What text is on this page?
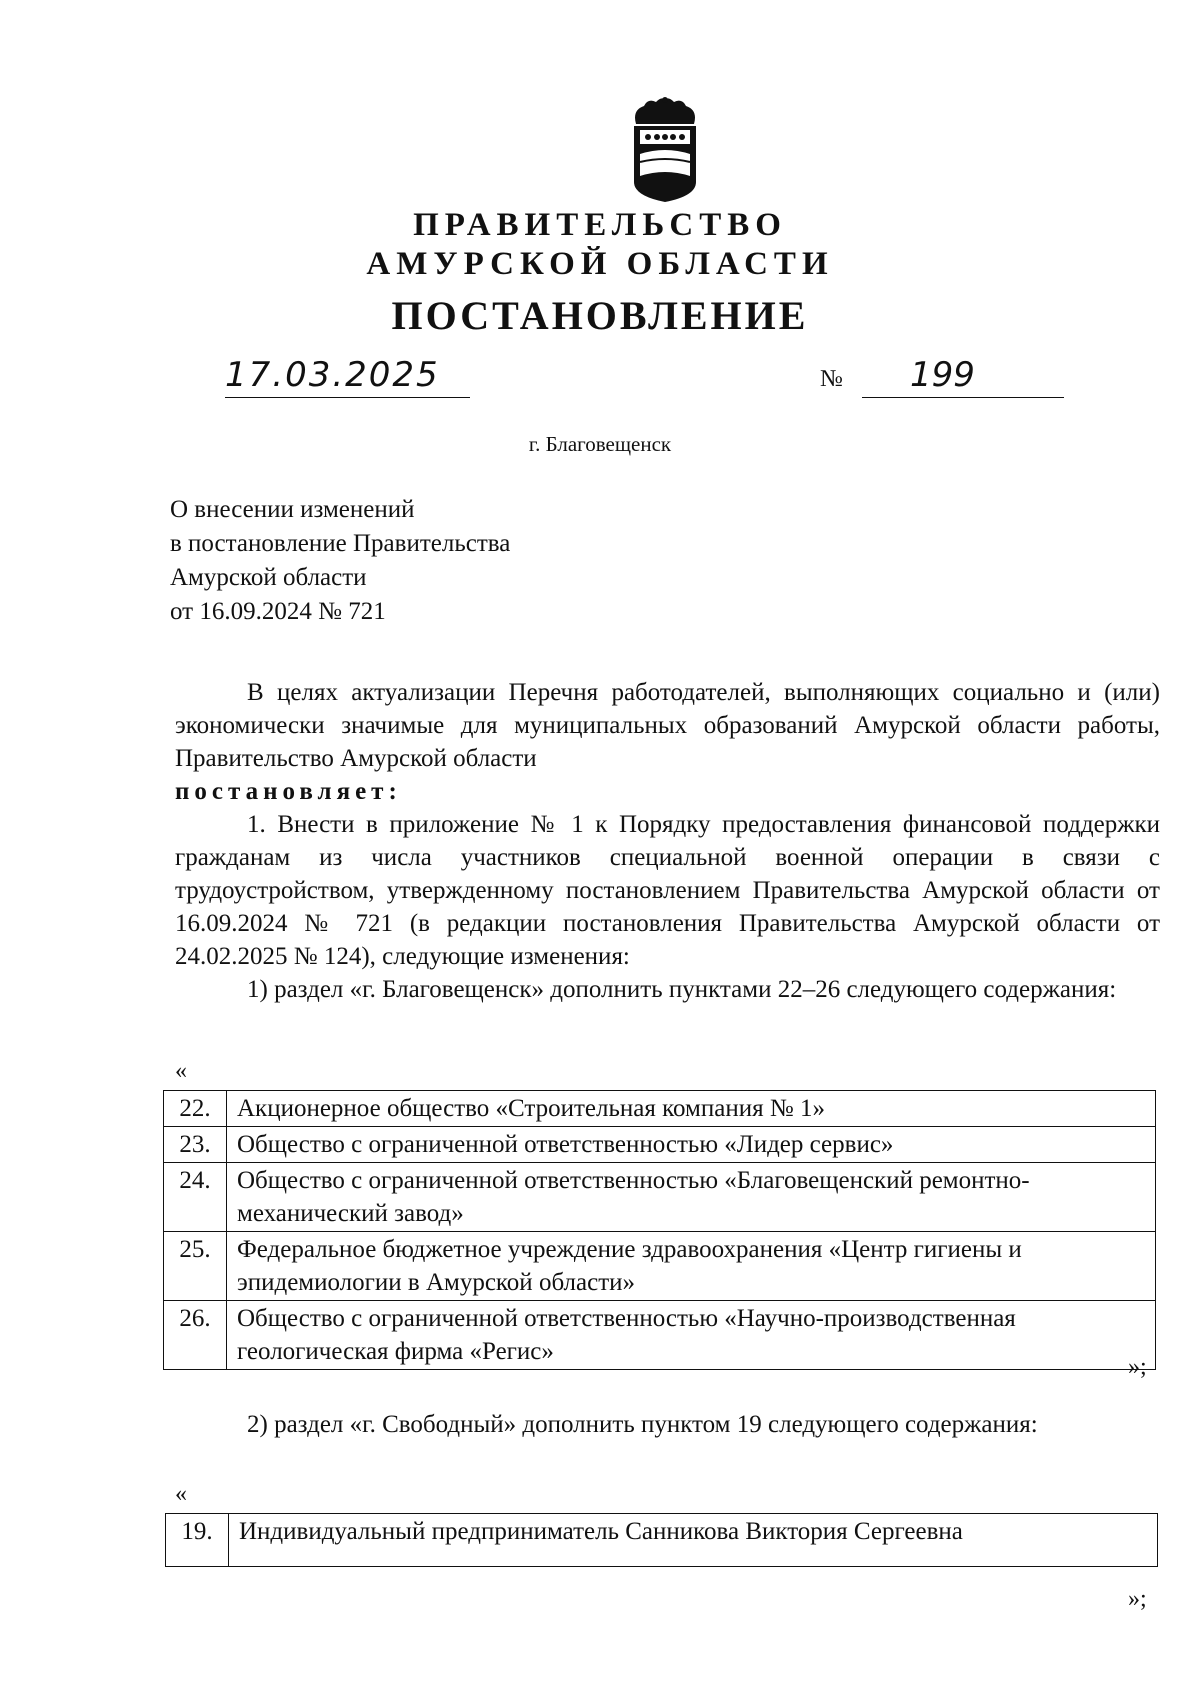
ПРАВИТЕЛЬСТВО
АМУРСКОЙ ОБЛАСТИ
ПОСТАНОВЛЕНИЕ
17.03.2025	№	199
г. Благовещенск
О внесении изменений
в постановление Правительства
Амурской области
от 16.09.2024 № 721
В целях актуализации Перечня работодателей, выполняющих социально и (или) экономически значимые для муниципальных образований Амурской области работы, Правительство Амурской области
постановляет:
1. Внести в приложение № 1 к Порядку предоставления финансовой поддержки гражданам из числа участников специальной военной операции в связи с трудоустройством, утвержденному постановлением Правительства Амурской области от 16.09.2024 № 721 (в редакции постановления Правительства Амурской области от 24.02.2025 № 124), следующие изменения:
1) раздел «г. Благовещенск» дополнить пунктами 22–26 следующего содержания:
«
22.	Акционерное общество «Строительная компания № 1»
23.	Общество с ограниченной ответственностью «Лидер сервис»
24.	Общество с ограниченной ответственностью «Благовещенский ремонтно-механический завод»
25.	Федеральное бюджетное учреждение здравоохранения «Центр гигиены и эпидемиологии в Амурской области»
26.	Общество с ограниченной ответственностью «Научно-производственная геологическая фирма «Регис»
»;
2) раздел «г. Свободный» дополнить пунктом 19 следующего содержания:
«
19.	Индивидуальный предприниматель Санникова Виктория Сергеевна
»;
